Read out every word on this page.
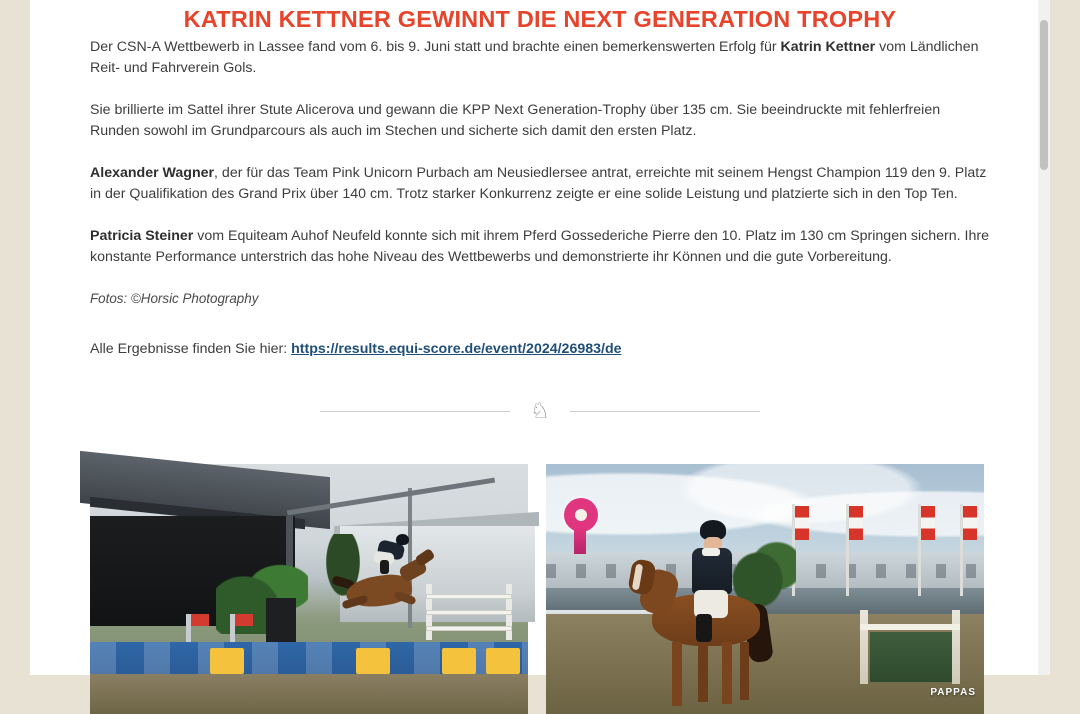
KATRIN KETTNER GEWINNT DIE NEXT GENERATION TROPHY

Der CSN-A Wettbewerb in Lassee fand vom 6. bis 9. Juni statt und brachte einen bemerkenswerten Erfolg für Katrin Kettner vom Ländlichen Reit- und Fahrverein Gols.

Sie brillierte im Sattel ihrer Stute Alicerova und gewann die KPP Next Generation-Trophy über 135 cm. Sie beeindruckte mit fehlerfreien Runden sowohl im Grundparcours als auch im Stechen und sicherte sich damit den ersten Platz.

Alexander Wagner, der für das Team Pink Unicorn Purbach am Neusiedlersee antrat, erreichte mit seinem Hengst Champion 119 den 9. Platz in der Qualifikation des Grand Prix über 140 cm. Trotz starker Konkurrenz zeigte er eine solide Leistung und platzierte sich in den Top Ten.

Patricia Steiner vom Equiteam Auhof Neufeld konnte sich mit ihrem Pferd Gossederiche Pierre den 10. Platz im 130 cm Springen sichern. Ihre konstante Performance unterstrich das hohe Niveau des Wettbewerbs und demonstrierte ihr Können und die gute Vorbereitung.

Fotos: ©Horsic Photography

Alle Ergebnisse finden Sie hier: https://results.equi-score.de/event/2024/26983/de

♘
PAPPAS
